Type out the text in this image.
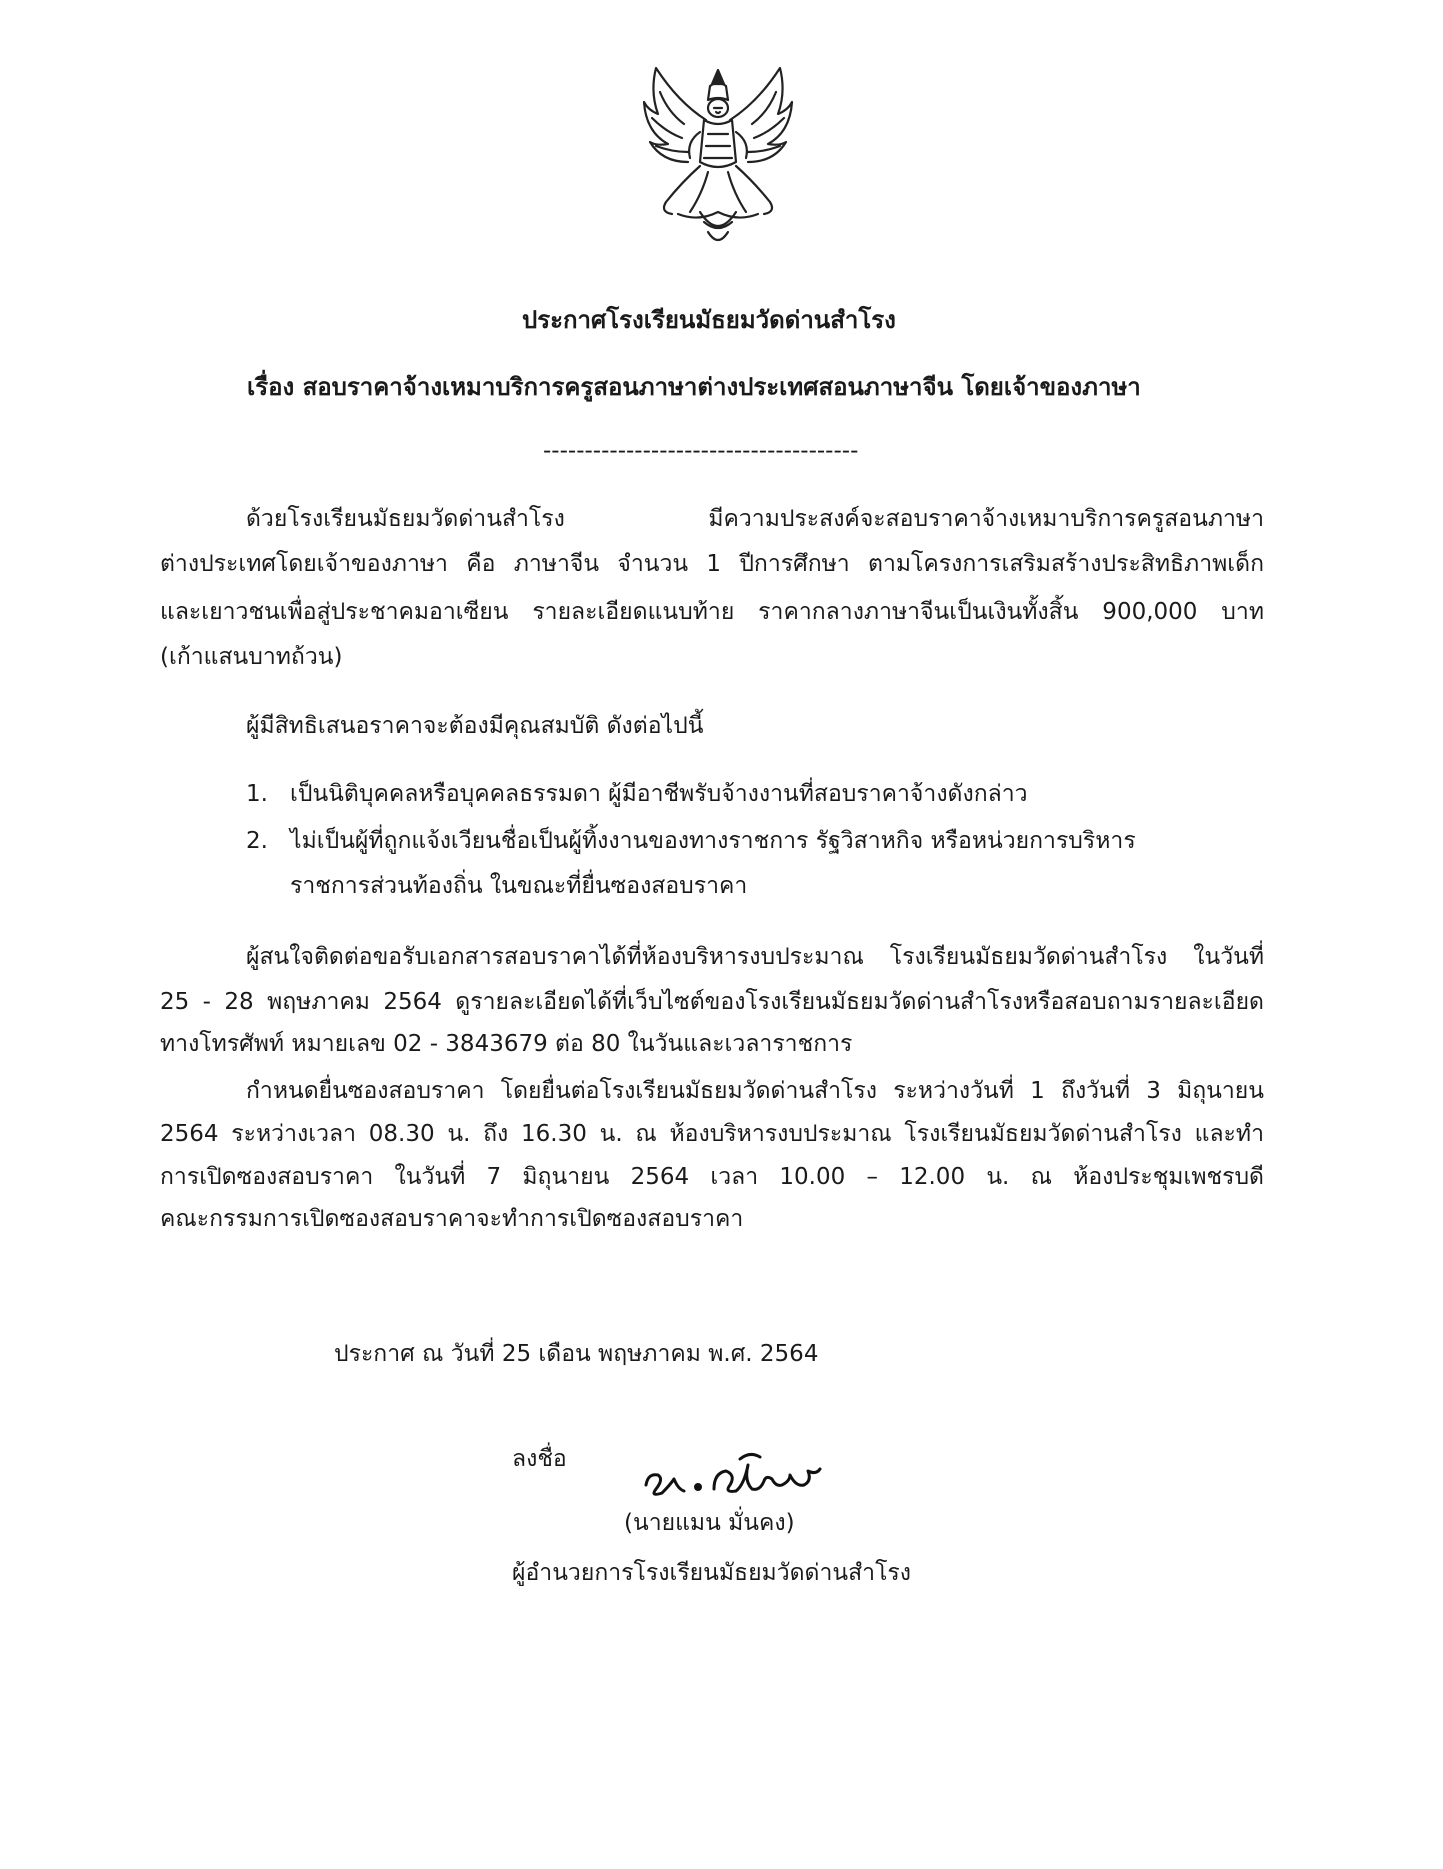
ประกาศโรงเรียนมัธยมวัดด่านสำโรง
เรื่อง สอบราคาจ้างเหมาบริการครูสอนภาษาต่างประเทศสอนภาษาจีน โดยเจ้าของภาษา
--------------------------------------
ด้วยโรงเรียนมัธยมวัดด่านสำโรง มีความประสงค์จะสอบราคาจ้างเหมาบริการครูสอนภาษา
ต่างประเทศโดยเจ้าของภาษา คือ ภาษาจีน จำนวน 1 ปีการศึกษา ตามโครงการเสริมสร้างประสิทธิภาพเด็ก
และเยาวชนเพื่อสู่ประชาคมอาเซียน รายละเอียดแนบท้าย ราคากลางภาษาจีนเป็นเงินทั้งสิ้น 900,000 บาท
(เก้าแสนบาทถ้วน)
ผู้มีสิทธิเสนอราคาจะต้องมีคุณสมบัติ ดังต่อไปนี้
1. เป็นนิติบุคคลหรือบุคคลธรรมดา ผู้มีอาชีพรับจ้างงานที่สอบราคาจ้างดังกล่าว
2. ไม่เป็นผู้ที่ถูกแจ้งเวียนชื่อเป็นผู้ทิ้งงานของทางราชการ รัฐวิสาหกิจ หรือหน่วยการบริหาร
ราชการส่วนท้องถิ่น ในขณะที่ยื่นซองสอบราคา
ผู้สนใจติดต่อขอรับเอกสารสอบราคาได้ที่ห้องบริหารงบประมาณ โรงเรียนมัธยมวัดด่านสำโรง ในวันที่
25 - 28 พฤษภาคม 2564 ดูรายละเอียดได้ที่เว็บไซต์ของโรงเรียนมัธยมวัดด่านสำโรงหรือสอบถามรายละเอียด
ทางโทรศัพท์ หมายเลข 02 - 3843679 ต่อ 80 ในวันและเวลาราชการ
กำหนดยื่นซองสอบราคา โดยยื่นต่อโรงเรียนมัธยมวัดด่านสำโรง ระหว่างวันที่ 1 ถึงวันที่ 3 มิถุนายน
2564 ระหว่างเวลา 08.30 น. ถึง 16.30 น. ณ ห้องบริหารงบประมาณ โรงเรียนมัธยมวัดด่านสำโรง และทำ
การเปิดซองสอบราคา ในวันที่ 7 มิถุนายน 2564 เวลา 10.00 – 12.00 น. ณ ห้องประชุมเพชรบดี
คณะกรรมการเปิดซองสอบราคาจะทำการเปิดซองสอบราคา
ประกาศ ณ วันที่ 25 เดือน พฤษภาคม พ.ศ. 2564
ลงชื่อ
(นายแมน มั่นคง)
ผู้อำนวยการโรงเรียนมัธยมวัดด่านสำโรง
